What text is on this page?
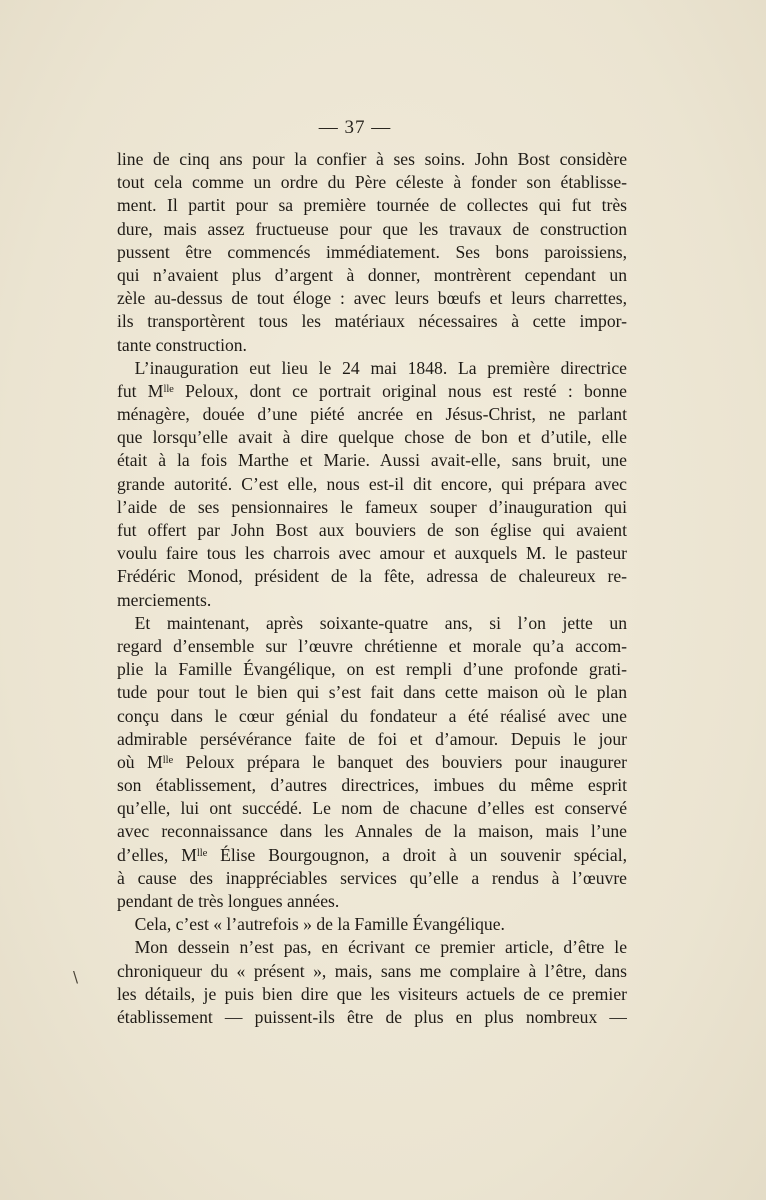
— 37 —
\
line de cinq ans pour la confier à ses soins. John Bost considère
tout cela comme un ordre du Père céleste à fonder son établisse-
ment. Il partit pour sa première tournée de collectes qui fut très
dure, mais assez fructueuse pour que les travaux de construction
pussent être commencés immédiatement. Ses bons paroissiens,
qui n’avaient plus d’argent à donner, montrèrent cependant un
zèle au-dessus de tout éloge : avec leurs bœufs et leurs charrettes,
ils transportèrent tous les matériaux nécessaires à cette impor-
tante construction.
 L’inauguration eut lieu le 24 mai 1848. La première directrice
fut Mˡˡᵉ Peloux, dont ce portrait original nous est resté : bonne
ménagère, douée d’une piété ancrée en Jésus-Christ, ne parlant
que lorsqu’elle avait à dire quelque chose de bon et d’utile, elle
était à la fois Marthe et Marie. Aussi avait-elle, sans bruit, une
grande autorité. C’est elle, nous est-il dit encore, qui prépara avec
l’aide de ses pensionnaires le fameux souper d’inauguration qui
fut offert par John Bost aux bouviers de son église qui avaient
voulu faire tous les charrois avec amour et auxquels M. le pasteur
Frédéric Monod, président de la fête, adressa de chaleureux re-
merciements.
 Et maintenant, après soixante-quatre ans, si l’on jette un
regard d’ensemble sur l’œuvre chrétienne et morale qu’a accom-
plie la Famille Évangélique, on est rempli d’une profonde grati-
tude pour tout le bien qui s’est fait dans cette maison où le plan
conçu dans le cœur génial du fondateur a été réalisé avec une
admirable persévérance faite de foi et d’amour. Depuis le jour
où Mˡˡᵉ Peloux prépara le banquet des bouviers pour inaugurer
son établissement, d’autres directrices, imbues du même esprit
qu’elle, lui ont succédé. Le nom de chacune d’elles est conservé
avec reconnaissance dans les Annales de la maison, mais l’une
d’elles, Mˡˡᵉ Élise Bourgougnon, a droit à un souvenir spécial,
à cause des inappréciables services qu’elle a rendus à l’œuvre
pendant de très longues années.
 Cela, c’est « l’autrefois » de la Famille Évangélique.
 Mon dessein n’est pas, en écrivant ce premier article, d’être le
chroniqueur du « présent », mais, sans me complaire à l’être, dans
les détails, je puis bien dire que les visiteurs actuels de ce premier
établissement — puissent-ils être de plus en plus nombreux —
